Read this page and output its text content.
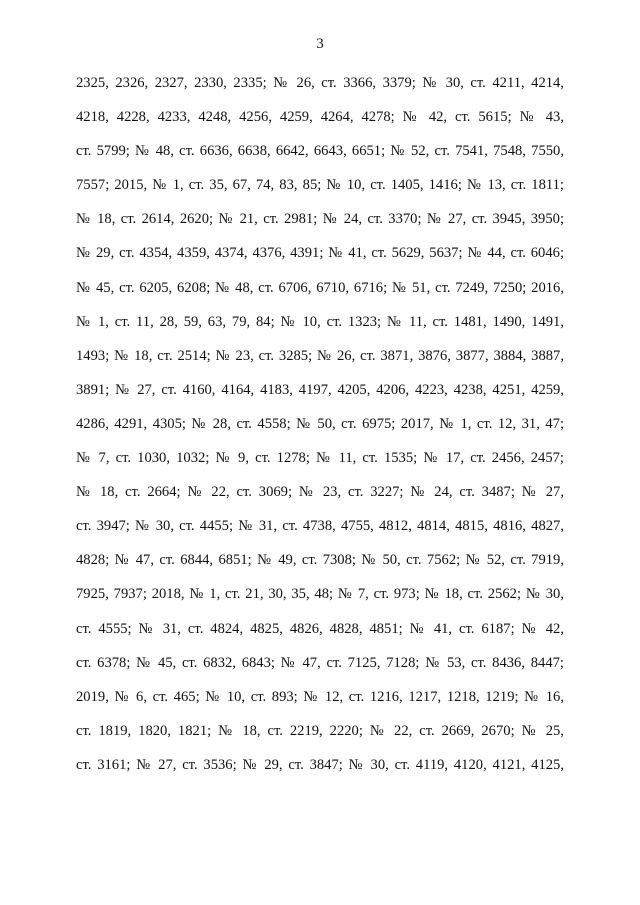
3
2325, 2326, 2327, 2330, 2335; № 26, ст. 3366, 3379; № 30, ст. 4211, 4214,
4218, 4228, 4233, 4248, 4256, 4259, 4264, 4278; № 42, ст. 5615; № 43,
ст. 5799; № 48, ст. 6636, 6638, 6642, 6643, 6651; № 52, ст. 7541, 7548, 7550,
7557; 2015, № 1, ст. 35, 67, 74, 83, 85; № 10, ст. 1405, 1416; № 13, ст. 1811;
№ 18, ст. 2614, 2620; № 21, ст. 2981; № 24, ст. 3370; № 27, ст. 3945, 3950;
№ 29, ст. 4354, 4359, 4374, 4376, 4391; № 41, ст. 5629, 5637; № 44, ст. 6046;
№ 45, ст. 6205, 6208; № 48, ст. 6706, 6710, 6716; № 51, ст. 7249, 7250; 2016,
№ 1, ст. 11, 28, 59, 63, 79, 84; № 10, ст. 1323; № 11, ст. 1481, 1490, 1491,
1493; № 18, ст. 2514; № 23, ст. 3285; № 26, ст. 3871, 3876, 3877, 3884, 3887,
3891; № 27, ст. 4160, 4164, 4183, 4197, 4205, 4206, 4223, 4238, 4251, 4259,
4286, 4291, 4305; № 28, ст. 4558; № 50, ст. 6975; 2017, № 1, ст. 12, 31, 47;
№ 7, ст. 1030, 1032; № 9, ст. 1278; № 11, ст. 1535; № 17, ст. 2456, 2457;
№ 18, ст. 2664; № 22, ст. 3069; № 23, ст. 3227; № 24, ст. 3487; № 27,
ст. 3947; № 30, ст. 4455; № 31, ст. 4738, 4755, 4812, 4814, 4815, 4816, 4827,
4828; № 47, ст. 6844, 6851; № 49, ст. 7308; № 50, ст. 7562; № 52, ст. 7919,
7925, 7937; 2018, № 1, ст. 21, 30, 35, 48; № 7, ст. 973; № 18, ст. 2562; № 30,
ст. 4555; № 31, ст. 4824, 4825, 4826, 4828, 4851; № 41, ст. 6187; № 42,
ст. 6378; № 45, ст. 6832, 6843; № 47, ст. 7125, 7128; № 53, ст. 8436, 8447;
2019, № 6, ст. 465; № 10, ст. 893; № 12, ст. 1216, 1217, 1218, 1219; № 16,
ст. 1819, 1820, 1821; № 18, ст. 2219, 2220; № 22, ст. 2669, 2670; № 25,
ст. 3161; № 27, ст. 3536; № 29, ст. 3847; № 30, ст. 4119, 4120, 4121, 4125,
